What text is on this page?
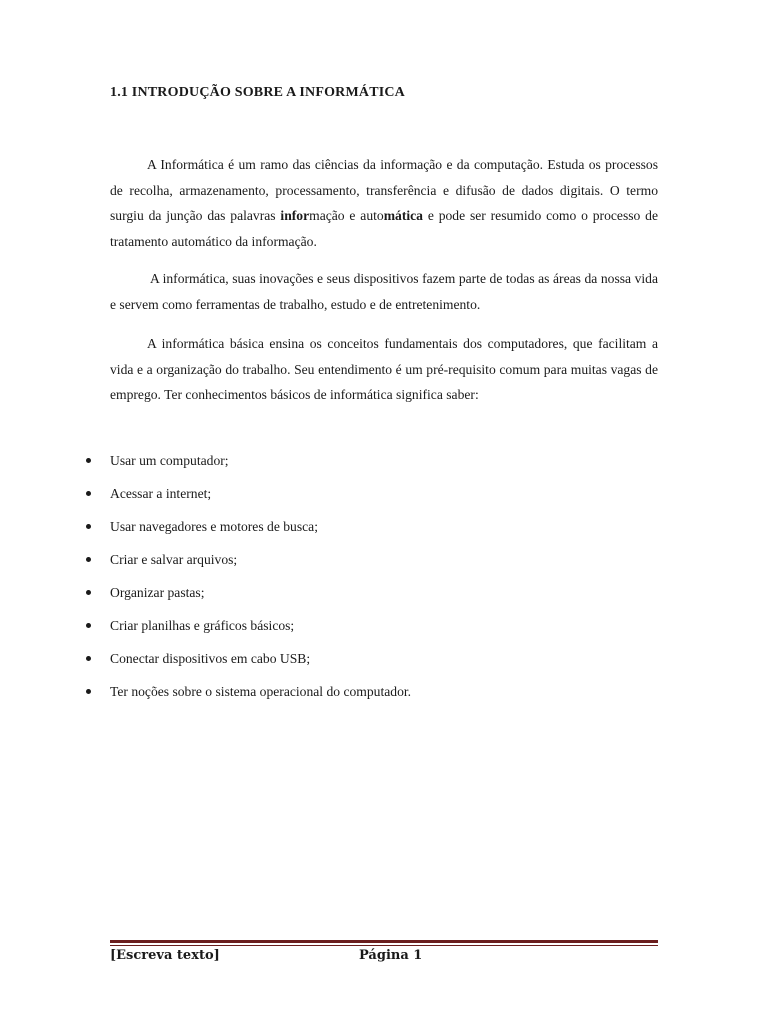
1.1 INTRODUÇÃO SOBRE A INFORMÁTICA

A Informática é um ramo das ciências da informação e da computação. Estuda os processos de recolha, armazenamento, processamento, transferência e difusão de dados digitais. O termo surgiu da junção das palavras informação e automática e pode ser resumido como o processo de tratamento automático da informação.

A informática, suas inovações e seus dispositivos fazem parte de todas as áreas da nossa vida e servem como ferramentas de trabalho, estudo e de entretenimento.

A informática básica ensina os conceitos fundamentais dos computadores, que facilitam a vida e a organização do trabalho. Seu entendimento é um pré-requisito comum para muitas vagas de emprego. Ter conhecimentos básicos de informática significa saber:

Usar um computador;
Acessar a internet;
Usar navegadores e motores de busca;
Criar e salvar arquivos;
Organizar pastas;
Criar planilhas e gráficos básicos;
Conectar dispositivos em cabo USB;
Ter noções sobre o sistema operacional do computador.
[Escreva texto]	Página 1
